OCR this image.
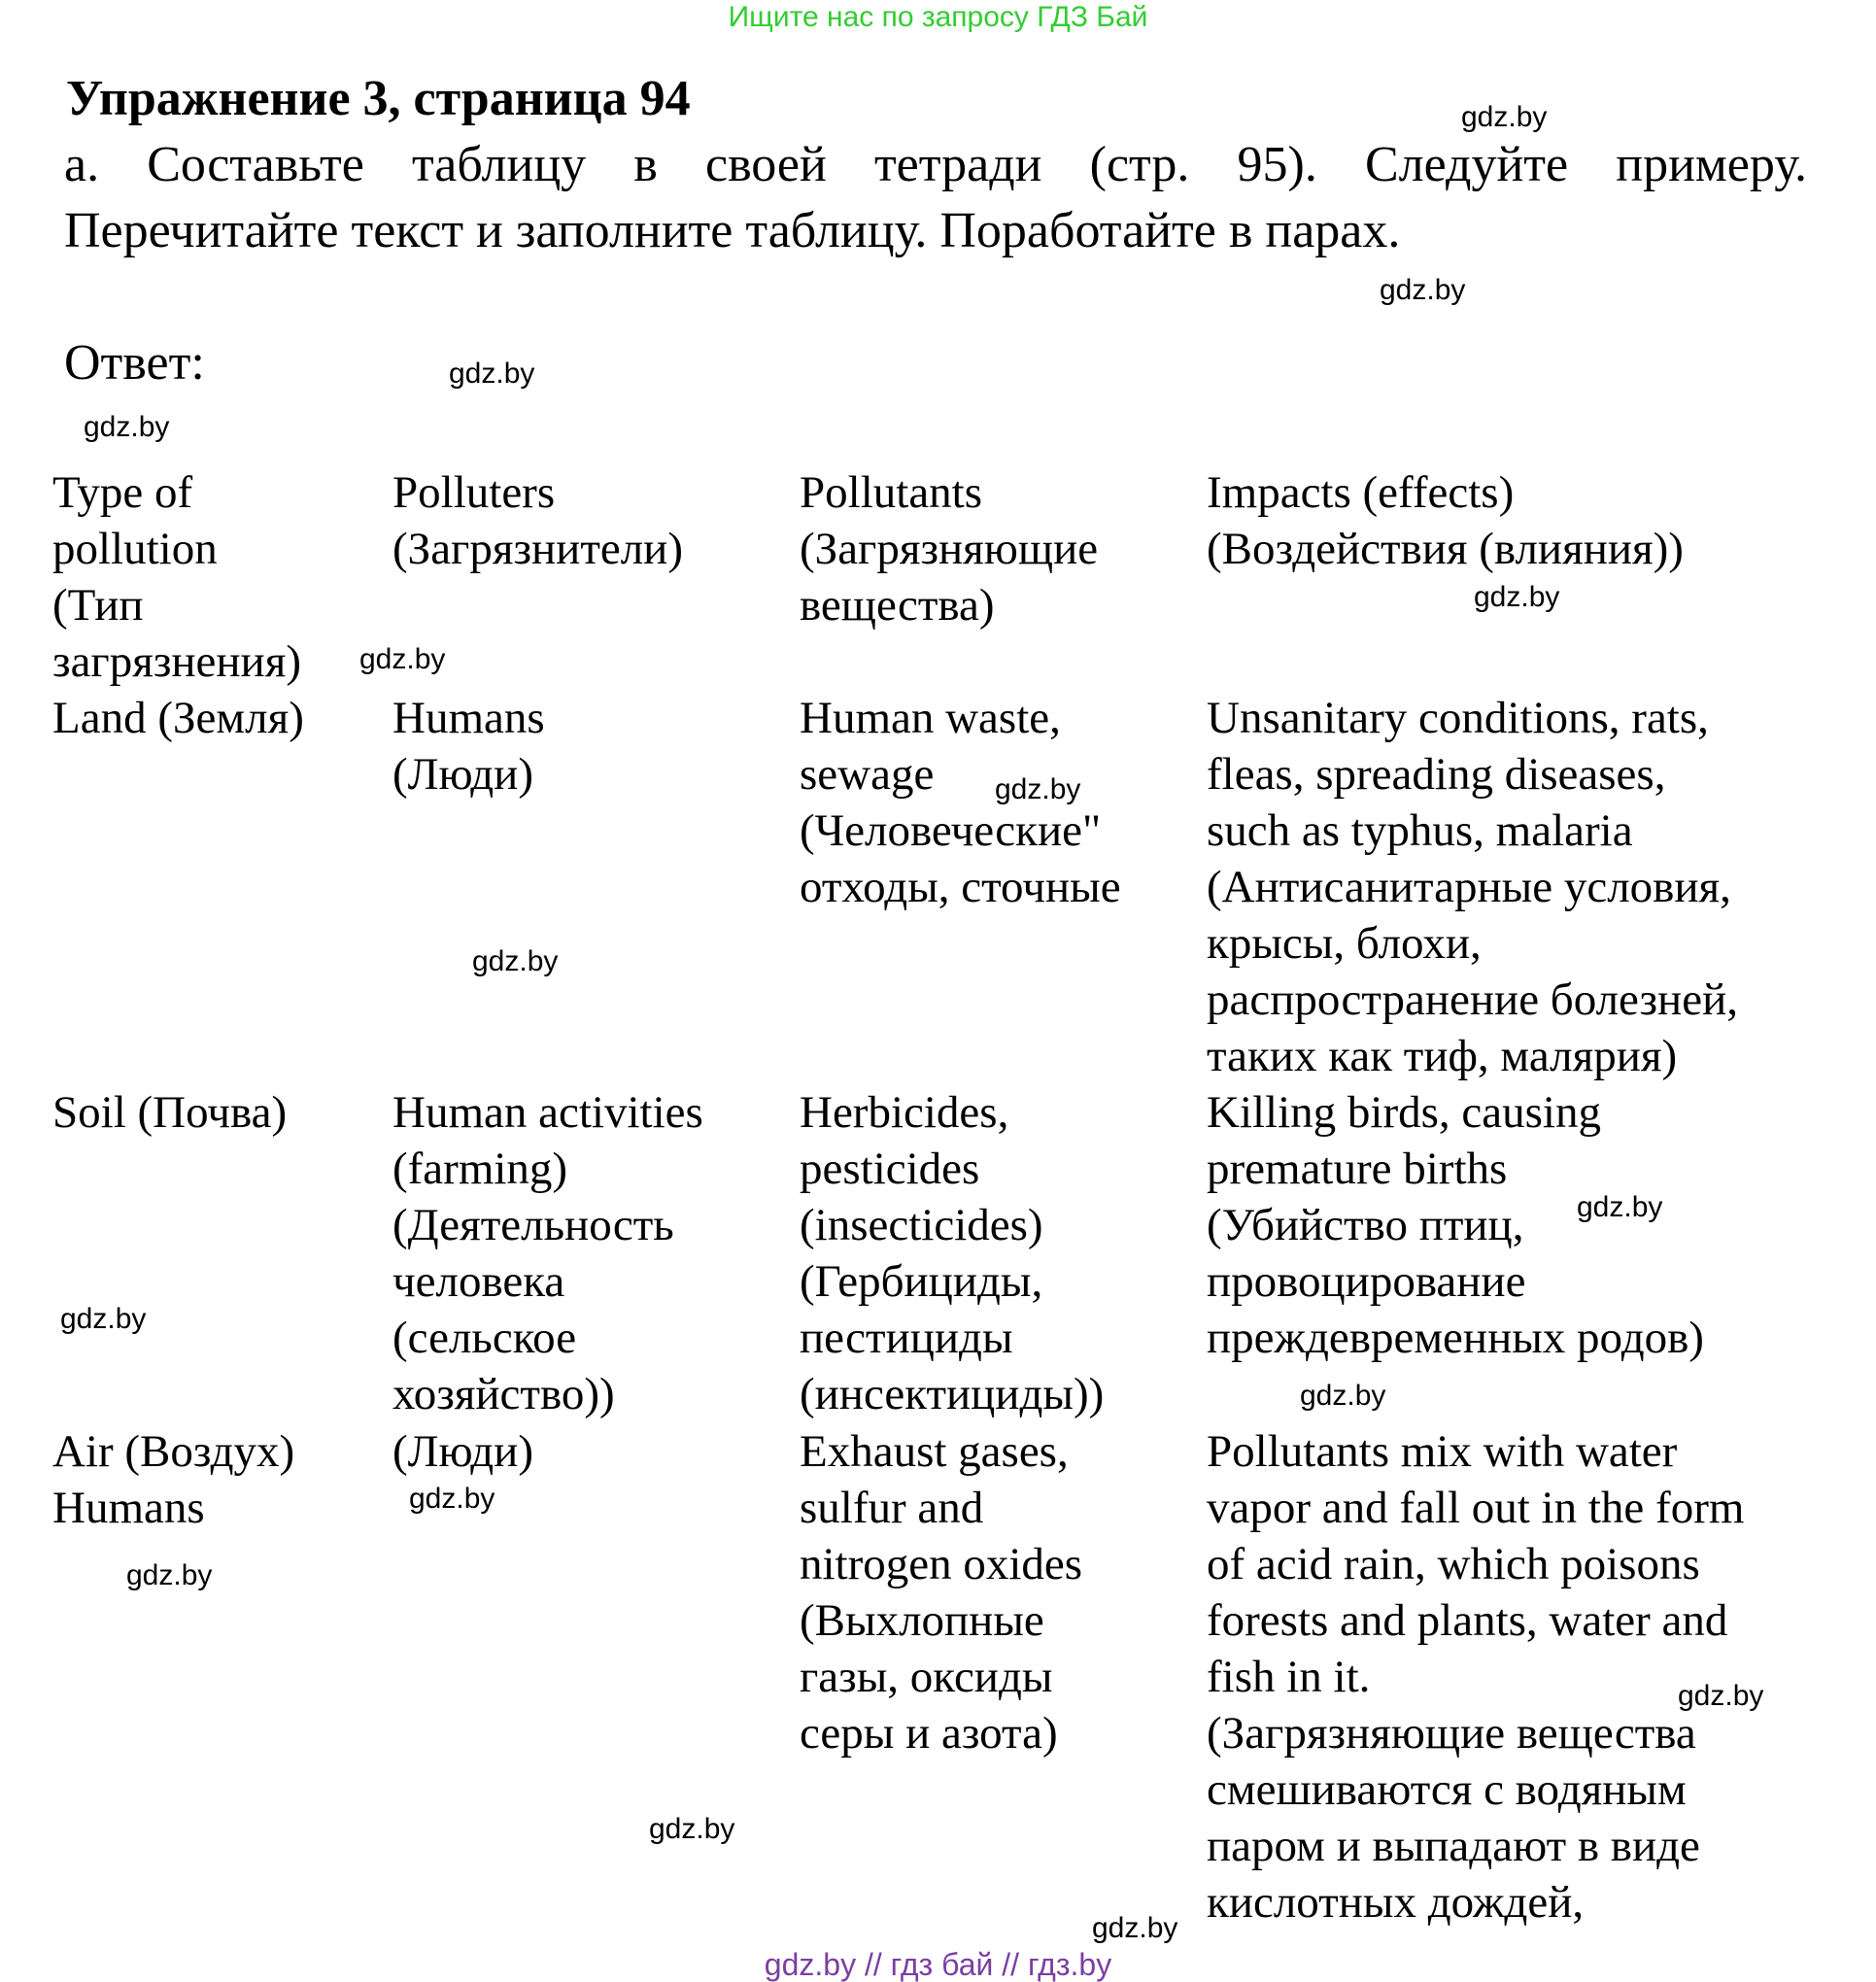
Ищите нас по запросу ГДЗ Бай
Упражнение 3, страница 94
а. Составьте таблицу в своей тетради (стр. 95). Следуйте примеру.
Перечитайте текст и заполните таблицу. Поработайте в парах.
Ответ:
Type of
pollution
(Тип
загрязнения)
Polluters
(Загрязнители)
Pollutants
(Загрязняющие
вещества)
Impacts (effects)
(Воздействия (влияния))
Land (Земля) Humans
(Люди)
Human waste,
sewage
(Человеческие"
отходы, сточные
Unsanitary conditions, rats,
fleas, spreading diseases,
such as typhus, malaria
(Антисанитарные условия,
крысы, блохи,
распространение болезней,
таких как тиф, малярия)
Soil (Почва) Human activities
(farming)
(Деятельность
человека
(сельское
хозяйство))
Herbicides,
pesticides
(insecticides)
(Гербициды,
пестициды
(инсектициды))
Killing birds, causing
premature births
(Убийство птиц,
провоцирование
преждевременных родов)
Air (Воздух)
Humans
(Люди)	Exhaust gases,
sulfur and
nitrogen oxides
(Выхлопные
газы, оксиды
серы и азота)
Pollutants mix with water
vapor and fall out in the form
of acid rain, which poisons
forests and plants, water and
fish in it.
(Загрязняющие вещества
смешиваются с водяным
паром и выпадают в виде
кислотных дождей,
gdz.by
gdz.by
gdz.by
gdz.by
gdz.by
gdz.by
gdz.by
gdz.by
gdz.by
gdz.by
gdz.by
gdz.by
gdz.by
gdz.by
gdz.by
gdz.by
gdz.by // гдз бай // гдз.by
